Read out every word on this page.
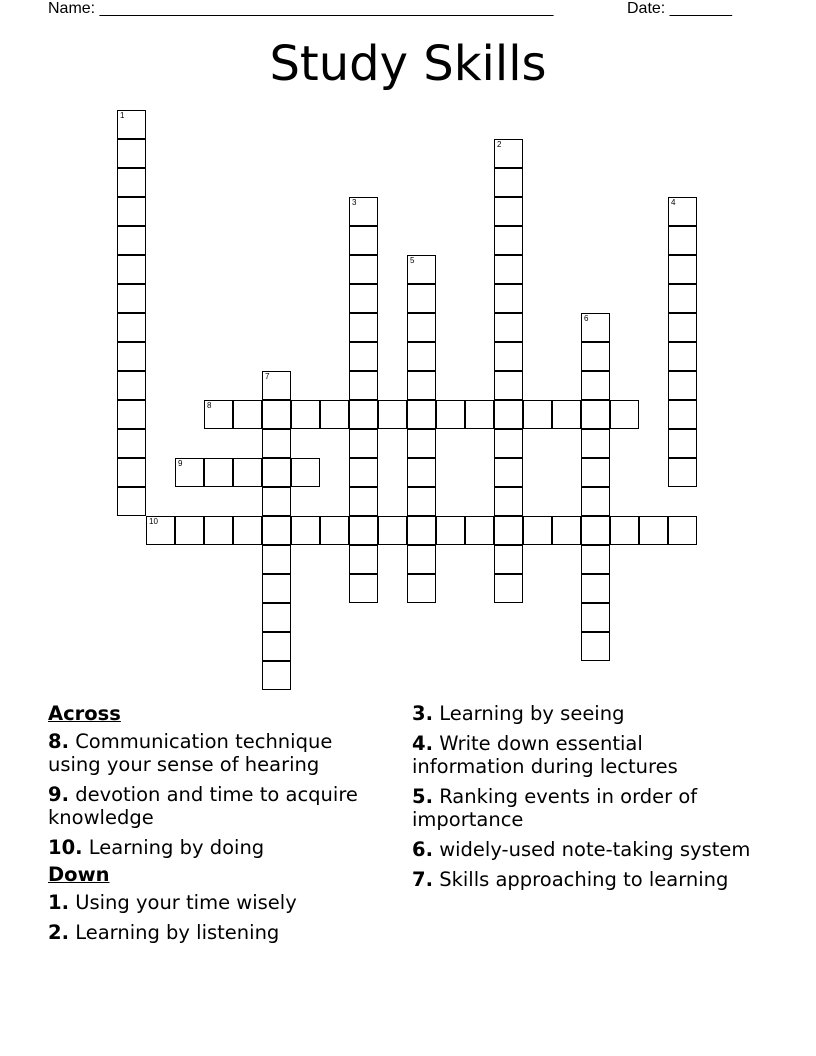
Name: ___________________________________________________	Date: _______
Study Skills
1
2
3	4
5
6
7
8
9
10
Across
8. Communication technique using your sense of hearing
9. devotion and time to acquire knowledge
10. Learning by doing
Down
1. Using your time wisely
2. Learning by listening
3. Learning by seeing
4. Write down essential information during lectures
5. Ranking events in order of importance
6. widely-used note-taking system
7. Skills approaching to learning
